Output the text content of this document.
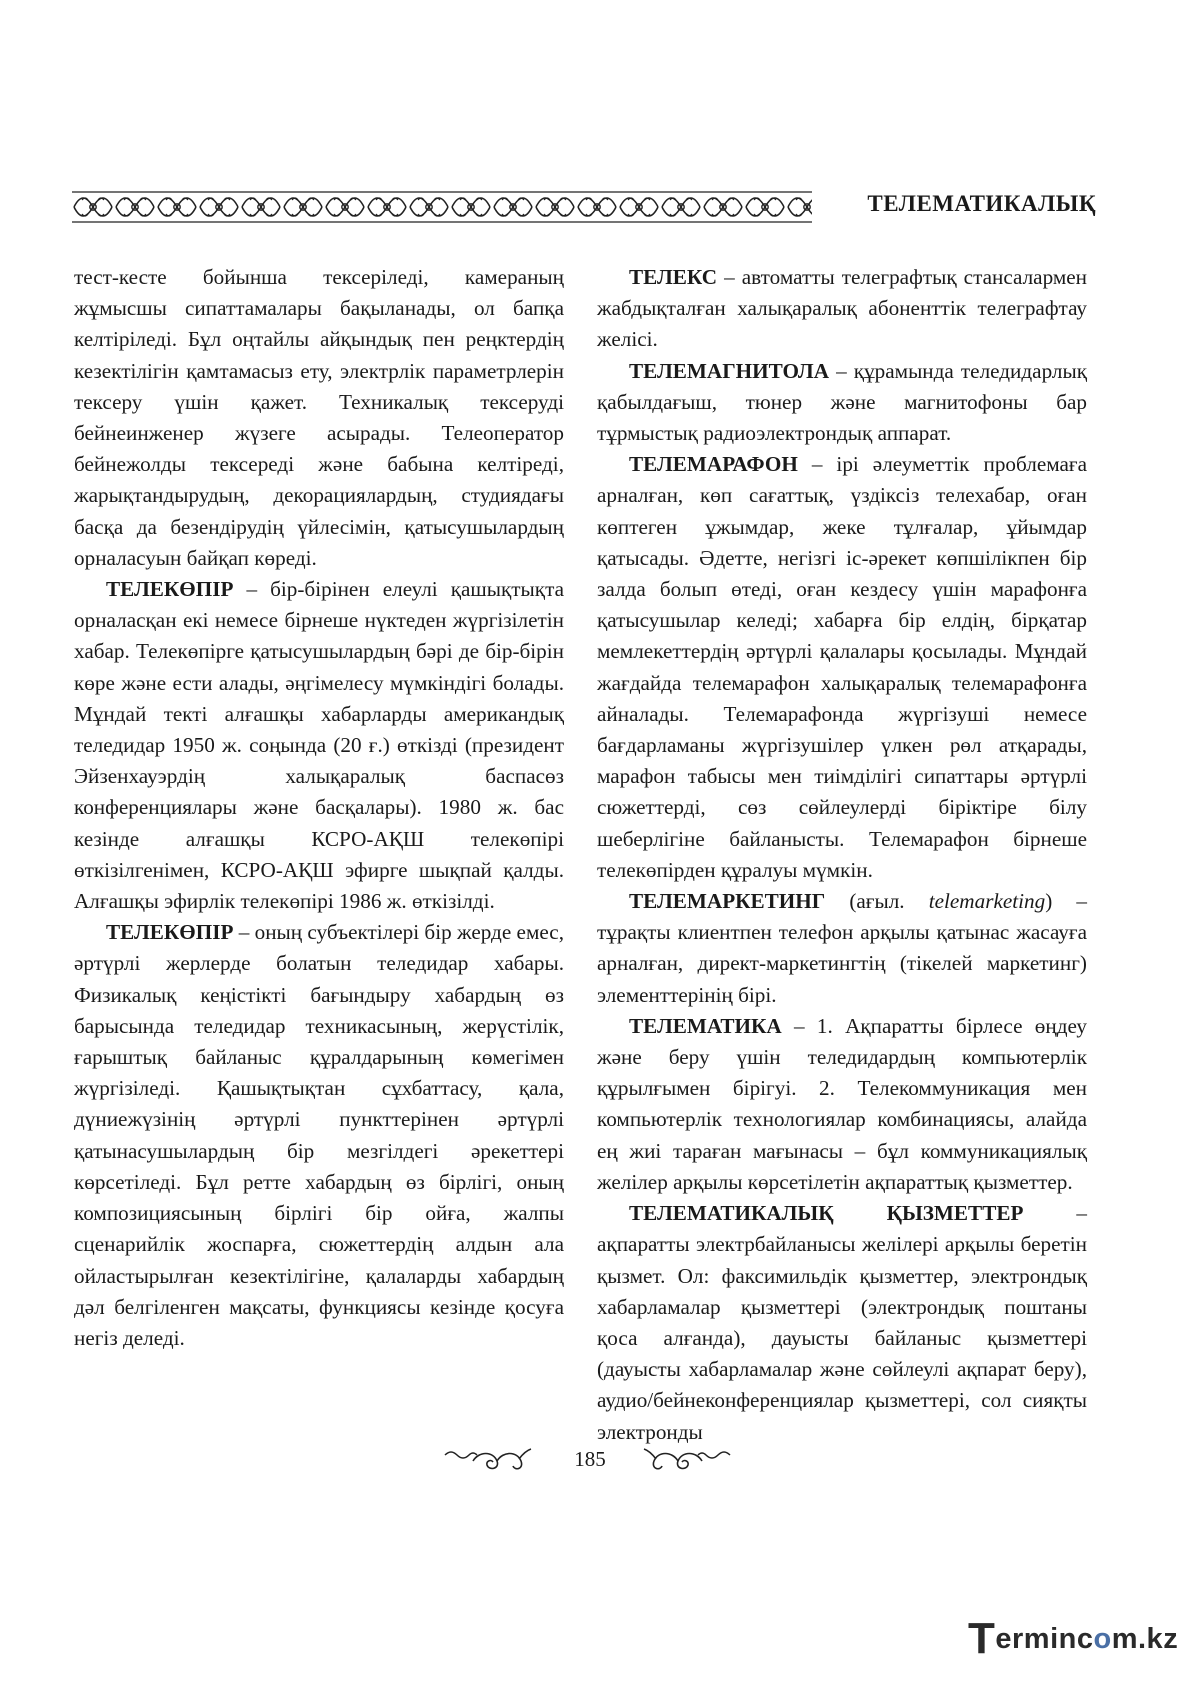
ТЕЛЕМАТИКАЛЫҚ

тест-кесте бойынша тексеріледі, камераның жұмысшы сипаттамалары бақыланады, ол бапқа келтіріледі. Бұл оңтайлы айқындық пен реңктердің кезектілігін қамтамасыз ету, электрлік параметрлерін тексеру үшін қажет. Техникалық тексеруді бейнеинженер жүзеге асырады. Телеоператор бейнежолды тексереді және бабына келтіреді, жарықтандырудың, декорациялардың, студиядағы басқа да безендірудің үйлесімін, қатысушылардың орналасуын байқап көреді.

ТЕЛЕКӨПІР – бір-бірінен елеулі қашықтықта орналасқан екі немесе бірнеше нүктеден жүргізілетін хабар. Телекөпірге қатысушылардың бәрі де бір-бірін көре және ести алады, әңгімелесу мүмкіндігі болады. Мұндай текті алғашқы хабарларды американдық теледидар 1950 ж. соңында (20 ғ.) өткізді (президент Эйзенхауэрдің халықаралық баспасөз конференциялары және басқалары). 1980 ж. бас кезінде алғашқы КСРО-АҚШ телекөпірі өткізілгенімен, КСРО-АҚШ эфирге шықпай қалды. Алғашқы эфирлік телекөпірі 1986 ж. өткізілді.

ТЕЛЕКӨПІР – оның субъектілері бір жерде емес, әртүрлі жерлерде болатын теледидар хабары. Физикалық кеңістікті бағындыру хабардың өз барысында теледидар техникасының, жерүстілік, ғарыштық байланыс құралдарының көмегімен жүргізіледі. Қашықтықтан сұхбаттасу, қала, дүниежүзінің әртүрлі пункттерінен әртүрлі қатынасушылардың бір мезгілдегі әрекеттері көрсетіледі. Бұл ретте хабардың өз бірлігі, оның композициясының бірлігі бір ойға, жалпы сценарийлік жоспарға, сюжеттердің алдын ала ойластырылған кезектілігіне, қалаларды хабардың дәл белгіленген мақсаты, функциясы кезінде қосуға негіз деледі.

ТЕЛЕКС – автоматты телеграфтық стансалармен жабдықталған халықаралық абоненттік телеграфтау желісі.

ТЕЛЕМАГНИТОЛА – құрамында теледидарлық қабылдағыш, тюнер және магнитофоны бар тұрмыстық радиоэлектрондық аппарат.

ТЕЛЕМАРАФОН – ірі әлеуметтік проблемаға арналған, көп сағаттық, үздіксіз телехабар, оған көптеген ұжымдар, жеке тұлғалар, ұйымдар қатысады. Әдетте, негізгі іс-әрекет көпшілікпен бір залда болып өтеді, оған кездесу үшін марафонға қатысушылар келеді; хабарға бір елдің, бірқатар мемлекеттердің әртүрлі қалалары қосылады. Мұндай жағдайда телемарафон халықаралық телемарафонға айналады. Телемарафонда жүргізуші немесе бағдарламаны жүргізушілер үлкен рөл атқарады, марафон табысы мен тиімділігі сипаттары әртүрлі сюжеттерді, сөз сөйлеулерді біріктіре білу шеберлігіне байланысты. Телемарафон бірнеше телекөпірден құралуы мүмкін.

ТЕЛЕМАРКЕТИНГ (ағыл. telemarketing) – тұрақты клиентпен телефон арқылы қатынас жасауға арналған, директ-маркетингтің (тікелей маркетинг) элементтерінің бірі.

ТЕЛЕМАТИКА – 1. Ақпаратты бірлесе өңдеу және беру үшін теледидардың компьютерлік құрылғымен бірігуі. 2. Телекоммуникация мен компьютерлік технологиялар комбинациясы, алайда ең жиі тараған мағынасы – бұл коммуникациялық желілер арқылы көрсетілетін ақпараттық қызметтер.

ТЕЛЕМАТИКАЛЫҚ ҚЫЗМЕТТЕР – ақпаратты электрбайланысы желілері арқылы беретін қызмет. Ол: факсимильдік қызметтер, электрондық хабарламалар қызметтері (электрондық поштаны қоса алғанда), дауысты байланыс қызметтері (дауысты хабарламалар және сөйлеулі ақпарат беру), аудио/бейнеконференциялар қызметтері, сол сияқты электронды

185
Termincom.kz
